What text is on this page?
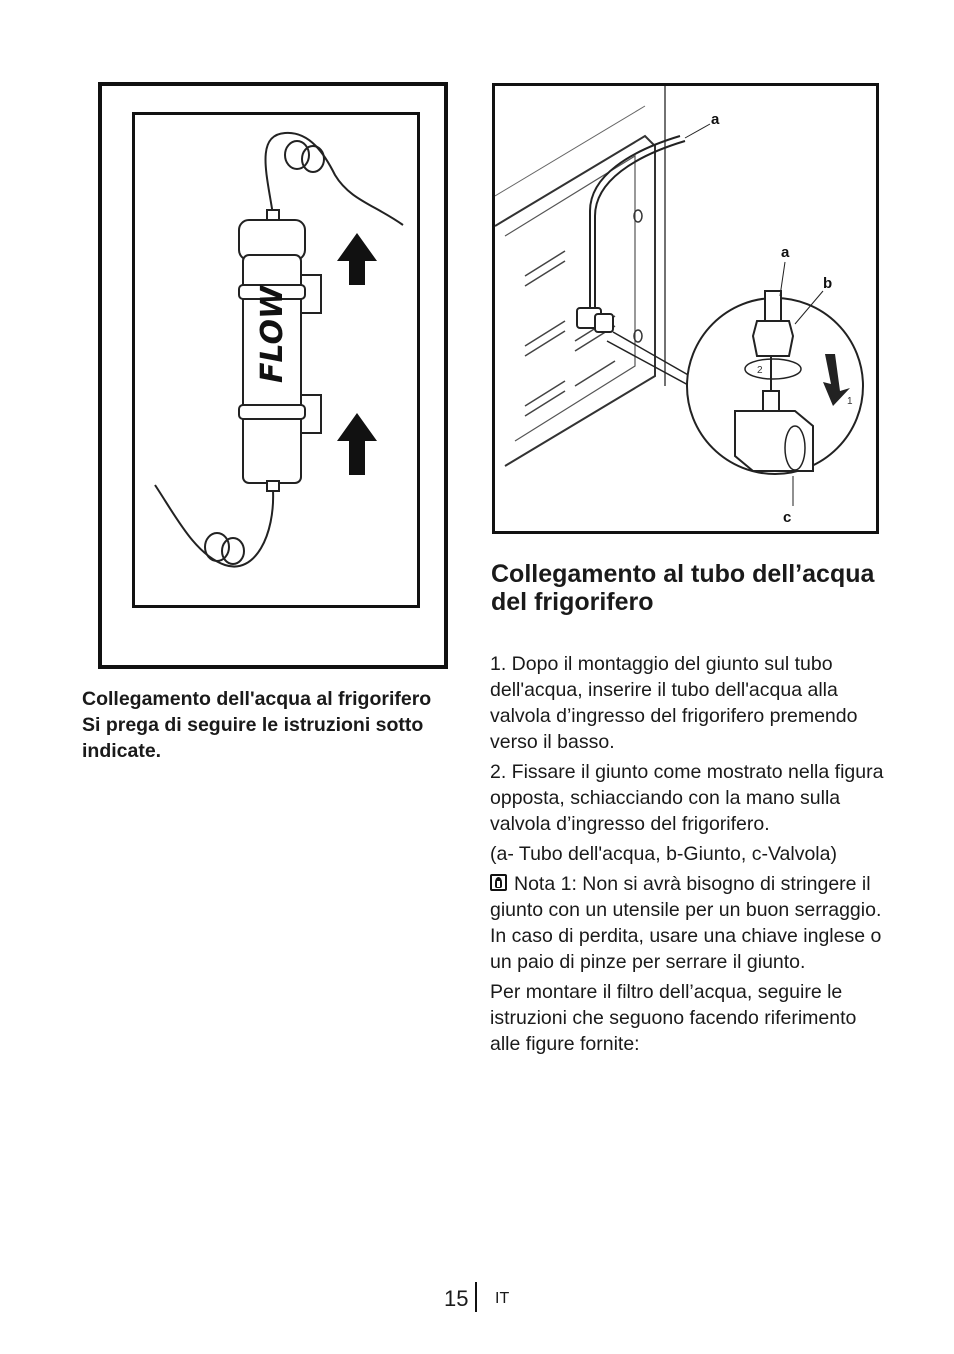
FLOW
a
a
b
c
2
1
Collegamento dell'acqua al frigorifero
Si prega di seguire le istruzioni sotto indicate.
Collegamento al tubo dell’acqua del frigorifero

1. Dopo il montaggio del giunto sul tubo dell'acqua, inserire il tubo dell'acqua alla valvola d’ingresso del frigorifero premendo verso il basso.

2. Fissare il giunto come mostrato nella figura opposta, schiacciando con la mano sulla valvola d’ingresso del frigorifero.

(a- Tubo dell'acqua, b-Giunto, c-Valvola)

Nota 1: Non si avrà bisogno di stringere il giunto con un utensile per un buon serraggio. In caso di perdita, usare una chiave inglese o un paio di pinze per serrare il giunto.

Per montare il filtro dell’acqua, seguire le istruzioni che seguono facendo riferimento alle figure fornite:

15 IT
